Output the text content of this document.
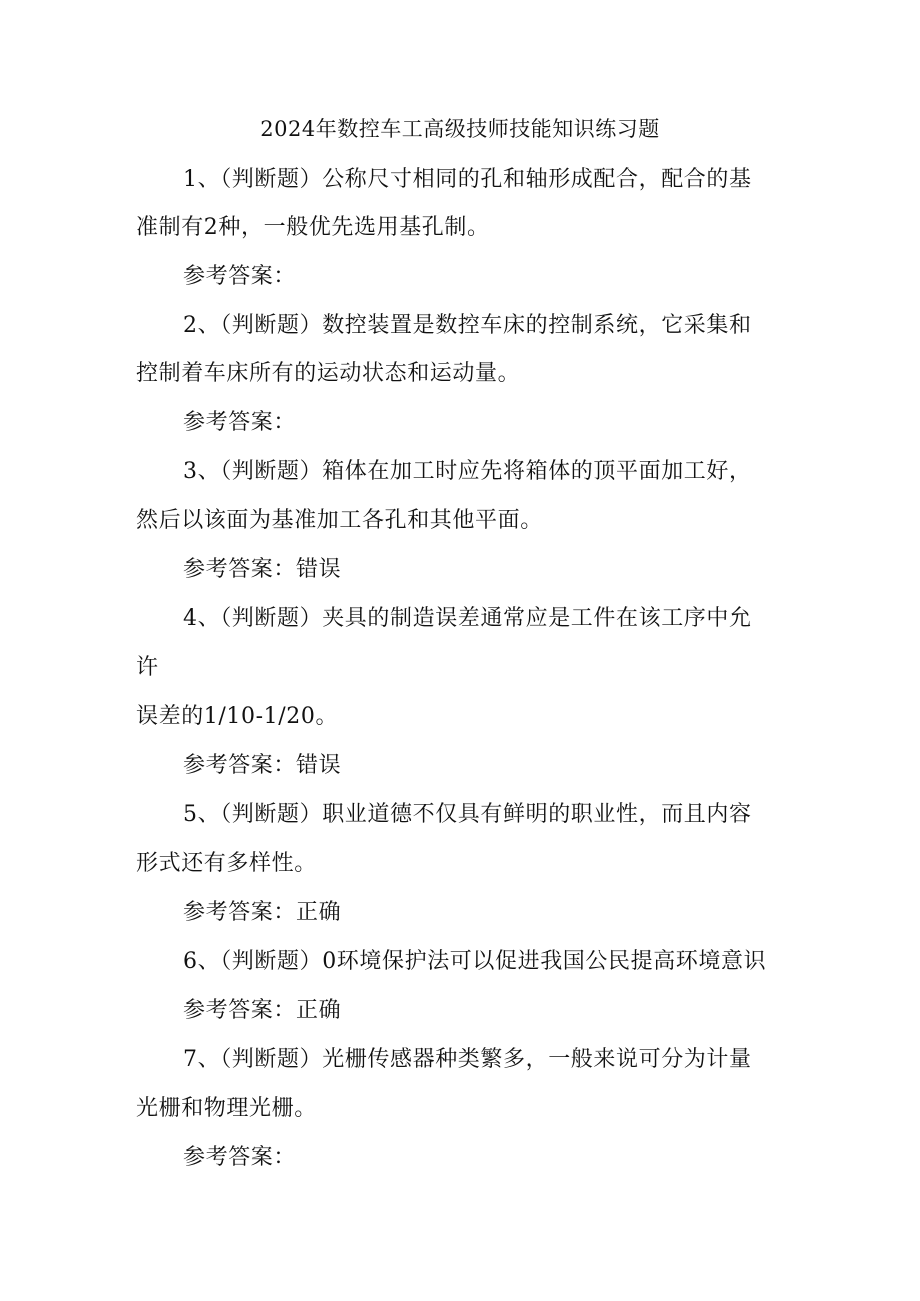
2024年数控车工高级技师技能知识练习题
1、（判断题）公称尺寸相同的孔和轴形成配合，配合的基
准制有2种，一般优先选用基孔制。
参考答案：
2、（判断题）数控装置是数控车床的控制系统，它采集和
控制着车床所有的运动状态和运动量。
参考答案：
3、（判断题）箱体在加工时应先将箱体的顶平面加工好，
然后以该面为基准加工各孔和其他平面。
参考答案：错误
4、（判断题）夹具的制造误差通常应是工件在该工序中允
许
误差的1/10-1/20。
参考答案：错误
5、（判断题）职业道德不仅具有鲜明的职业性，而且内容
形式还有多样性。
参考答案：正确
6、（判断题）0环境保护法可以促进我国公民提高环境意识
参考答案：正确
7、（判断题）光栅传感器种类繁多，一般来说可分为计量
光栅和物理光栅。
参考答案：
